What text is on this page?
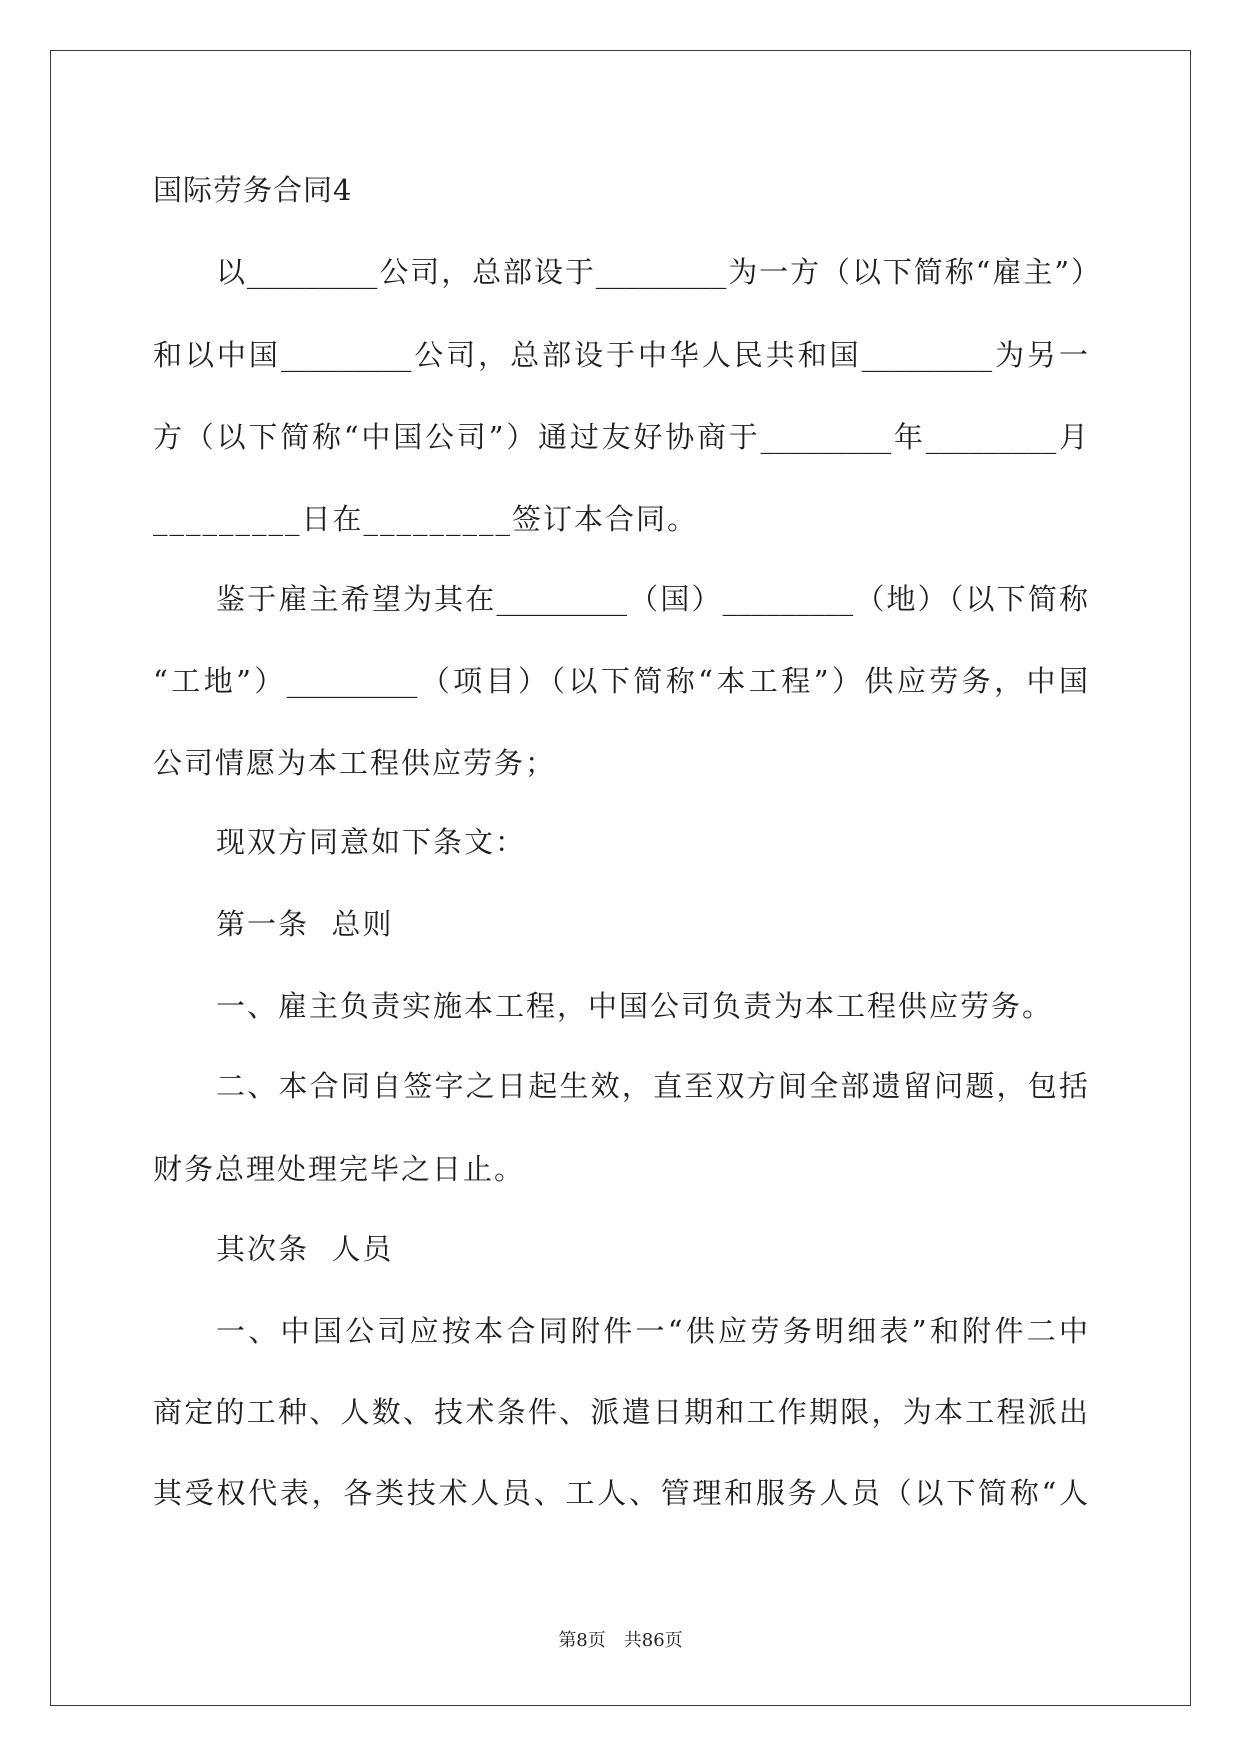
国际劳务合同4
以_________公司，总部设于_________为一方（以下简称“雇主”）
和以中国_________公司，总部设于中华人民共和国_________为另一
方（以下简称“中国公司”）通过友好协商于_________年_________月
_________日在_________签订本合同。
鉴于雇主希望为其在_________（国）_________（地）（以下简称
“工地”）_________（项目）（以下简称“本工程”）供应劳务，中国
公司情愿为本工程供应劳务；
现双方同意如下条文：
第一条  总则
一、雇主负责实施本工程，中国公司负责为本工程供应劳务。
二、本合同自签字之日起生效，直至双方间全部遗留问题，包括
财务总理处理完毕之日止。
其次条  人员
一、中国公司应按本合同附件一“供应劳务明细表”和附件二中
商定的工种、人数、技术条件、派遣日期和工作期限，为本工程派出
其受权代表，各类技术人员、工人、管理和服务人员（以下简称“人
第8页 共86页
